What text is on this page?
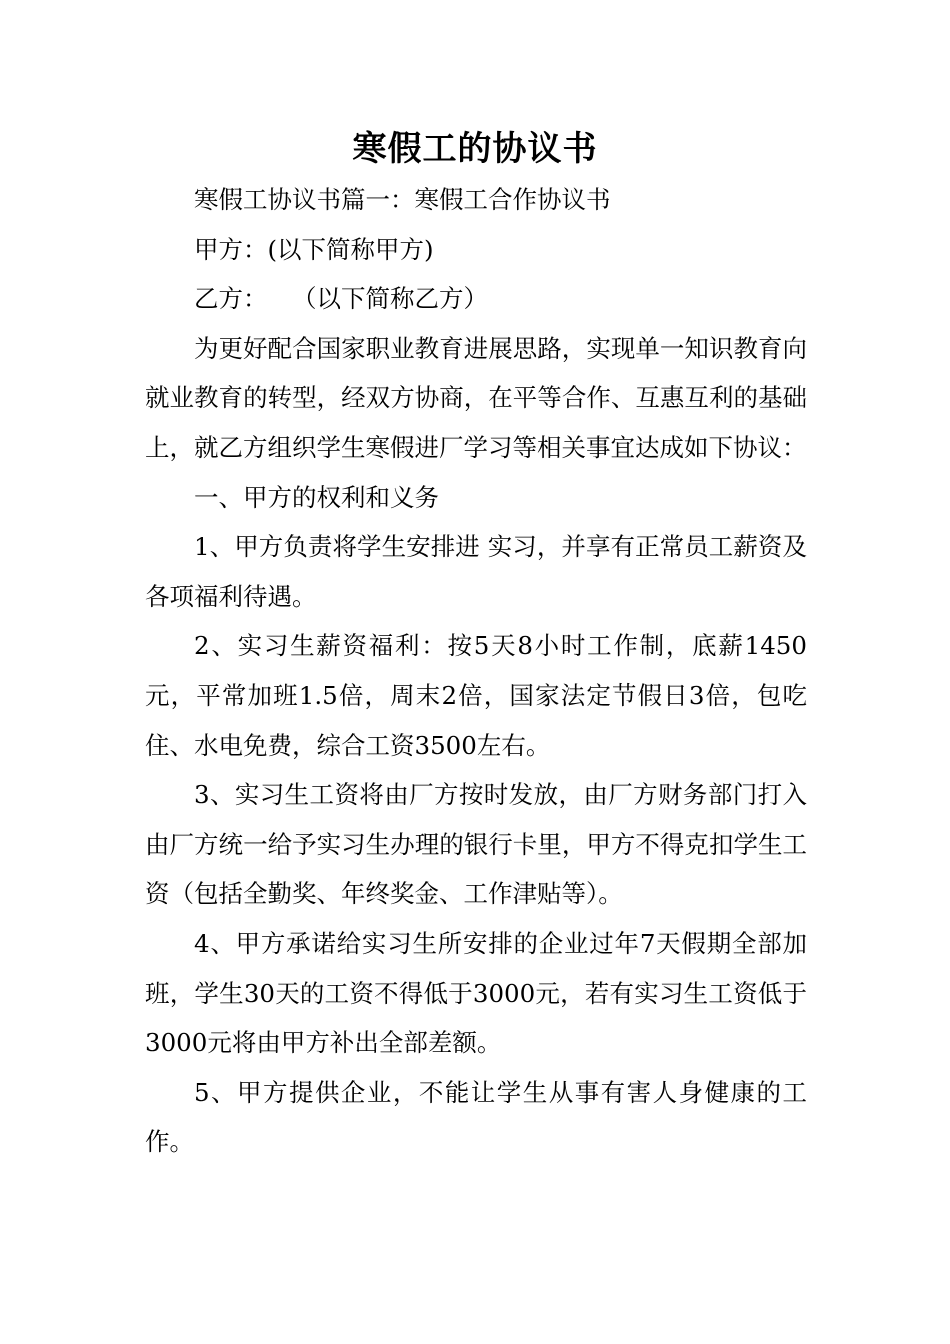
寒假工的协议书

寒假工协议书篇一：寒假工合作协议书

甲方：(以下简称甲方)

乙方：　　（以下简称乙方）

为更好配合国家职业教育进展思路，实现单一知识教育向就业教育的转型，经双方协商，在平等合作、互惠互利的基础上，就乙方组织学生寒假进厂学习等相关事宜达成如下协议：

一、甲方的权利和义务

1、甲方负责将学生安排进 实习，并享有正常员工薪资及各项福利待遇。

2、实习生薪资福利：按5天8小时工作制，底薪1450元，平常加班1.5倍，周末2倍，国家法定节假日3倍，包吃住、水电免费，综合工资3500左右。

3、实习生工资将由厂方按时发放，由厂方财务部门打入由厂方统一给予实习生办理的银行卡里，甲方不得克扣学生工资（包括全勤奖、年终奖金、工作津贴等）。

4、甲方承诺给实习生所安排的企业过年7天假期全部加班，学生30天的工资不得低于3000元，若有实习生工资低于3000元将由甲方补出全部差额。

5、甲方提供企业，不能让学生从事有害人身健康的工作。
